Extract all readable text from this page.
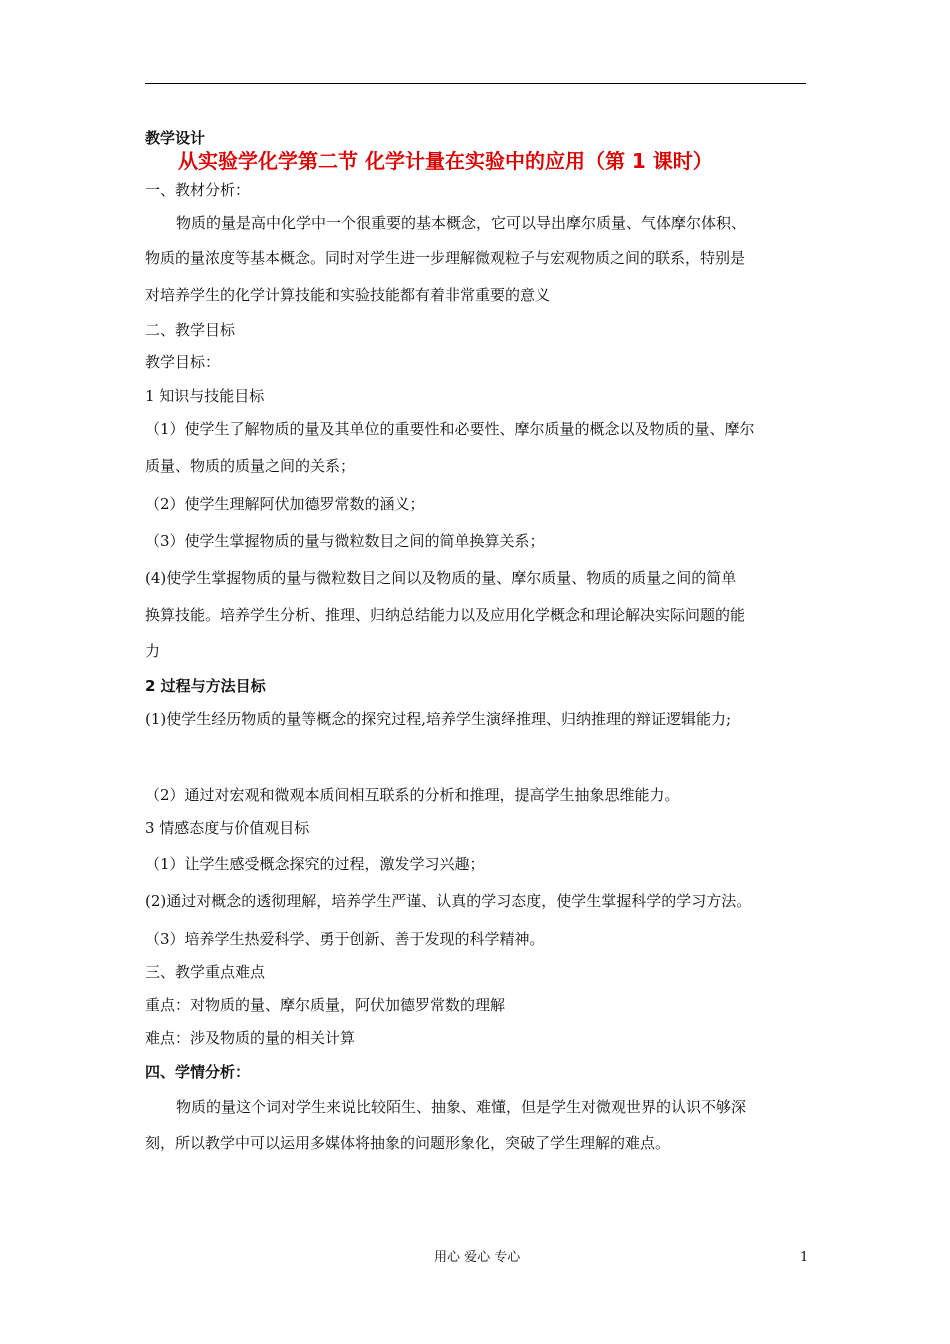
教学设计
从实验学化学第二节 化学计量在实验中的应用（第 1 课时）
一、教材分析：
物质的量是高中化学中一个很重要的基本概念，它可以导出摩尔质量、气体摩尔体积、
物质的量浓度等基本概念。同时对学生进一步理解微观粒子与宏观物质之间的联系，特别是
对培养学生的化学计算技能和实验技能都有着非常重要的意义
二、教学目标
教学目标：
1 知识与技能目标
（1）使学生了解物质的量及其单位的重要性和必要性、摩尔质量的概念以及物质的量、摩尔
质量、物质的质量之间的关系；
（2）使学生理解阿伏加德罗常数的涵义；
（3）使学生掌握物质的量与微粒数目之间的简单换算关系；
(4)使学生掌握物质的量与微粒数目之间以及物质的量、摩尔质量、物质的质量之间的简单
换算技能。培养学生分析、推理、归纳总结能力以及应用化学概念和理论解决实际问题的能
力
2 过程与方法目标
(1)使学生经历物质的量等概念的探究过程,培养学生演绎推理、归纳推理的辩证逻辑能力;
（2）通过对宏观和微观本质间相互联系的分析和推理，提高学生抽象思维能力。
3 情感态度与价值观目标
（1）让学生感受概念探究的过程，激发学习兴趣；
(2)通过对概念的透彻理解，培养学生严谨、认真的学习态度，使学生掌握科学的学习方法。
（3）培养学生热爱科学、勇于创新、善于发现的科学精神。
三、教学重点难点
重点：对物质的量、摩尔质量，阿伏加德罗常数的理解
难点：涉及物质的量的相关计算
四、学情分析：
物质的量这个词对学生来说比较陌生、抽象、难懂，但是学生对微观世界的认识不够深
刻，所以教学中可以运用多媒体将抽象的问题形象化，突破了学生理解的难点。
用心 爱心 专心	1
